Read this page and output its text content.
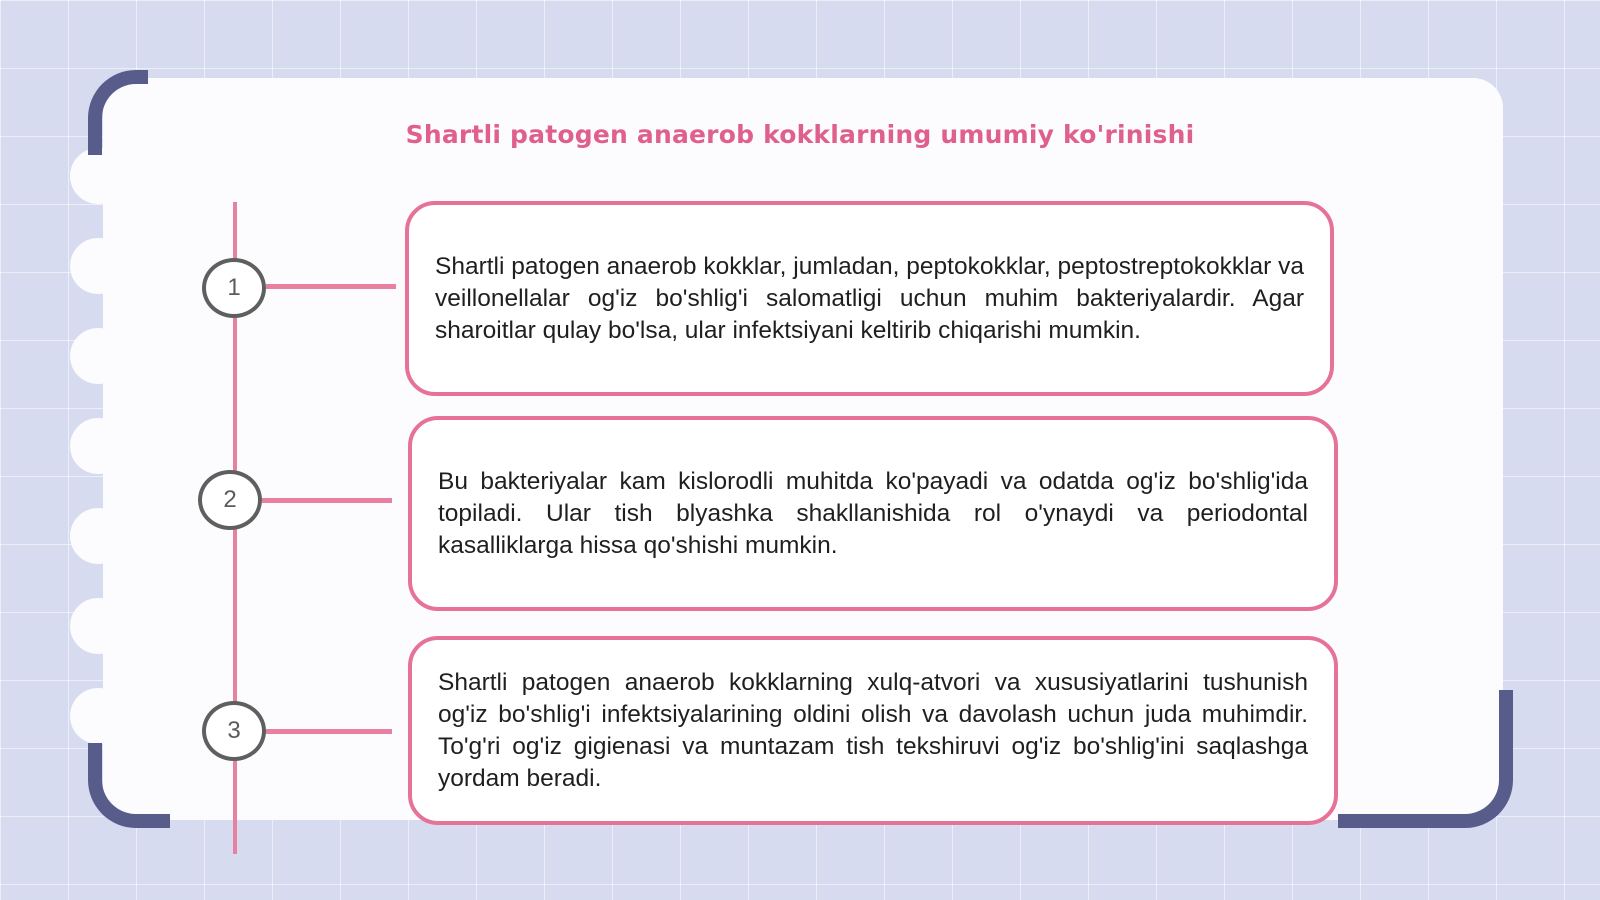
Shartli patogen anaerob kokklarning umumiy ko'rinishi
1
Shartli patogen anaerob kokklar, jumladan, peptokokklar, peptostreptokokklar va veillonellalar og'iz bo'shlig'i salomatligi uchun muhim bakteriyalardir. Agar sharoitlar qulay bo'lsa, ular infektsiyani keltirib chiqarishi mumkin.
2
Bu bakteriyalar kam kislorodli muhitda ko'payadi va odatda og'iz bo'shlig'ida topiladi. Ular tish blyashka shakllanishida rol o'ynaydi va periodontal kasalliklarga hissa qo'shishi mumkin.
3
Shartli patogen anaerob kokklarning xulq-atvori va xususiyatlarini tushunish og'iz bo'shlig'i infektsiyalarining oldini olish va davolash uchun juda muhimdir. To'g'ri og'iz gigienasi va muntazam tish tekshiruvi og'iz bo'shlig'ini saqlashga yordam beradi.
